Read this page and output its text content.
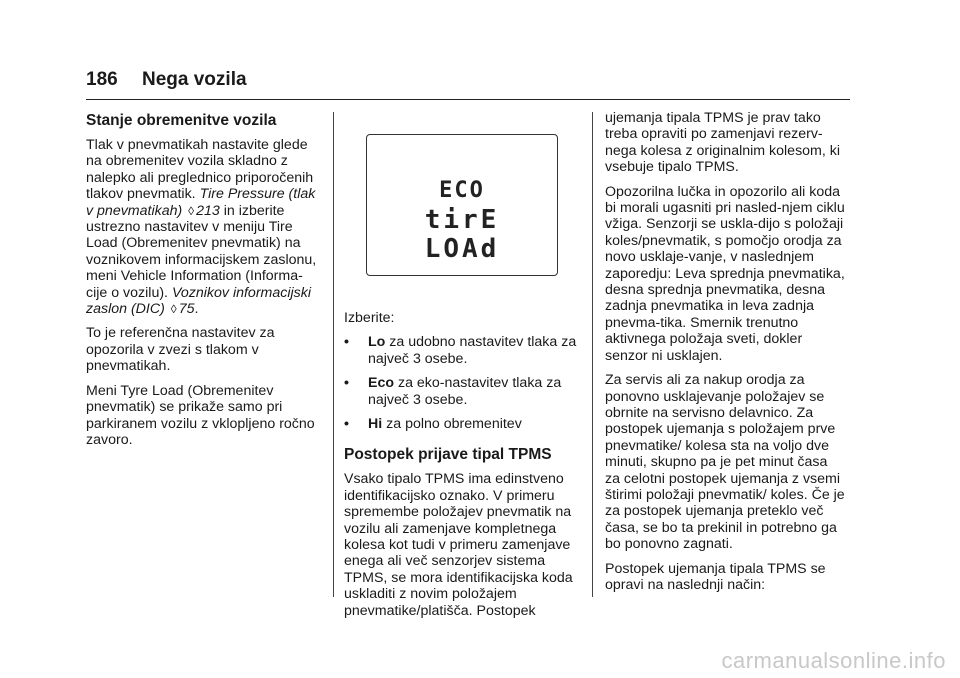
186 Nega vozila
Stanje obremenitve vozila

Tlak v pnevmatikah nastavite glede na obremenitev vozila skladno z nalepko ali preglednico priporočenih tlakov pnevmatik. Tire Pressure (tlak v pnevmatikah) ◊ 213 in izberite ustrezno nastavitev v meniju Tire Load (Obremenitev pnevmatik) na voznikovem informacijskem zaslonu, meni Vehicle Information (Informa-cije o vozilu). Voznikov informacijski zaslon (DIC) ◊ 75.

To je referenčna nastavitev za opozorila v zvezi s tlakom v pnevmatikah.

Meni Tyre Load (Obremenitev pnevmatik) se prikaže samo pri parkiranem vozilu z vkloplјeno ročno zavoro.

ECO
tirE
LOAd

Izberite:

•	Lo za udobno nastavitev tlaka za največ 3 osebe.
•	Eco za eko-nastavitev tlaka za največ 3 osebe.
•	Hi za polno obremenitev
Postopek prijave tipal TPMS

Vsako tipalo TPMS ima edinstveno identifikacijsko oznako. V primeru spremembe položajev pnevmatik na vozilu ali zamenjave kompletnega kolesa kot tudi v primeru zamenjave enega ali več senzorjev sistema TPMS, se mora identifikacijska koda uskladiti z novim položajem pnevmatike/platišča. Postopek

ujemanja tipala TPMS je prav tako treba opraviti po zamenjavi rezerv-nega kolesa z originalnim kolesom, ki vsebuje tipalo TPMS.

Opozorilna lučka in opozorilo ali koda bi morali ugasniti pri nasled-njem ciklu vžiga. Senzorji se uskla-dijo s položaji koles/pnevmatik, s pomočjo orodja za novo usklaje-vanje, v naslednjem zaporedju: Leva sprednja pnevmatika, desna sprednja pnevmatika, desna zadnja pnevmatika in leva zadnja pnevma-tika. Smernik trenutno aktivnega položaja sveti, dokler senzor ni usklajen.

Za servis ali za nakup orodja za ponovno usklajevanje položajev se obrnite na servisno delavnico. Za postopek ujemanja s položajem prve pnevmatike/ kolesa sta na voljo dve minuti, skupno pa je pet minut časa za celotni postopek ujemanja z vsemi štirimi položaji pnevmatik/ koles. Če je za postopek ujemanja preteklo več časa, se bo ta prekinil in potrebno ga bo ponovno zagnati.

Postopek ujemanja tipala TPMS se opravi na naslednji način:

carmanualsonline.info
